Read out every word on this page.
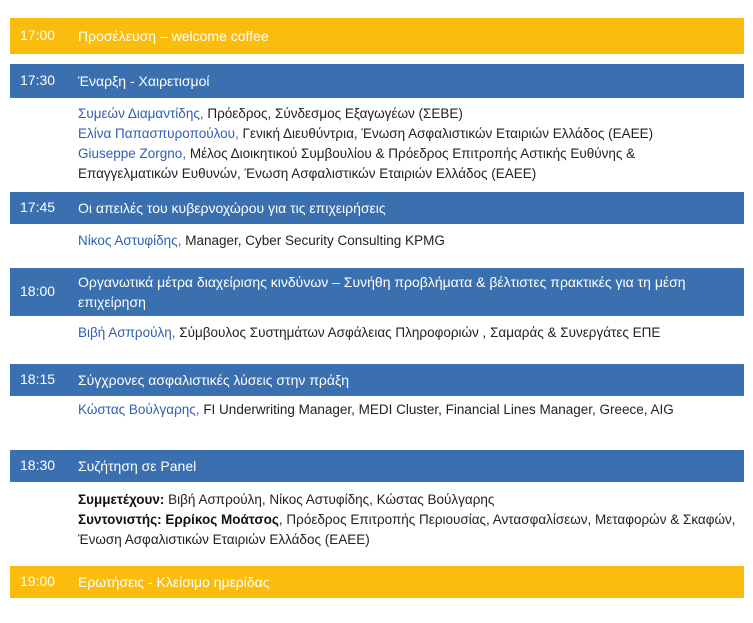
17:00 Προσέλευση – welcome coffee
17:30 Έναρξη - Χαιρετισμοί

Συμεών Διαμαντίδης, Πρόεδρος, Σύνδεσμος Εξαγωγέων (ΣΕΒΕ)

Ελίνα Παπασπυροπούλου, Γενική Διευθύντρια, Ένωση Ασφαλιστικών Εταιριών Ελλάδος (ΕΑΕΕ)

Giuseppe Zorgno, Μέλος Διοικητικού Συμβουλίου & Πρόεδρος Επιτροπής Αστικής Ευθύνης & Επαγγελματικών Ευθυνών, Ένωση Ασφαλιστικών Εταιριών Ελλάδος (ΕΑΕΕ)

17:45 Οι απειλές του κυβερνοχώρου για τις επιχειρήσεις

Νίκος Αστυφίδης, Manager, Cyber Security Consulting KPMG

18:00
Οργανωτικά μέτρα διαχείρισης κινδύνων – Συνήθη προβλήματα & βέλτιστες πρακτικές για τη μέση επιχείρηση

Βιβή Ασπρούλη, Σύμβουλος Συστημάτων Ασφάλειας Πληροφοριών , Σαμαράς & Συνεργάτες ΕΠΕ

18:15 Σύγχρονες ασφαλιστικές λύσεις στην πράξη

Κώστας Βούλγαρης, FI Underwriting Manager, MEDI Cluster, Financial Lines Manager, Greece, AIG

18:30 Συζήτηση σε Panel

Συμμετέχουν: Βιβή Ασπρούλη, Νίκος Αστυφίδης, Κώστας Βούλγαρης

Συντονιστής: Ερρίκος Μοάτσος, Πρόεδρος Επιτροπής Περιουσίας, Αντασφαλίσεων, Μεταφορών & Σκαφών, Ένωση Ασφαλιστικών Εταιριών Ελλάδος (ΕΑΕΕ)

19:00 Ερωτήσεις - Κλείσιμο ημερίδας
